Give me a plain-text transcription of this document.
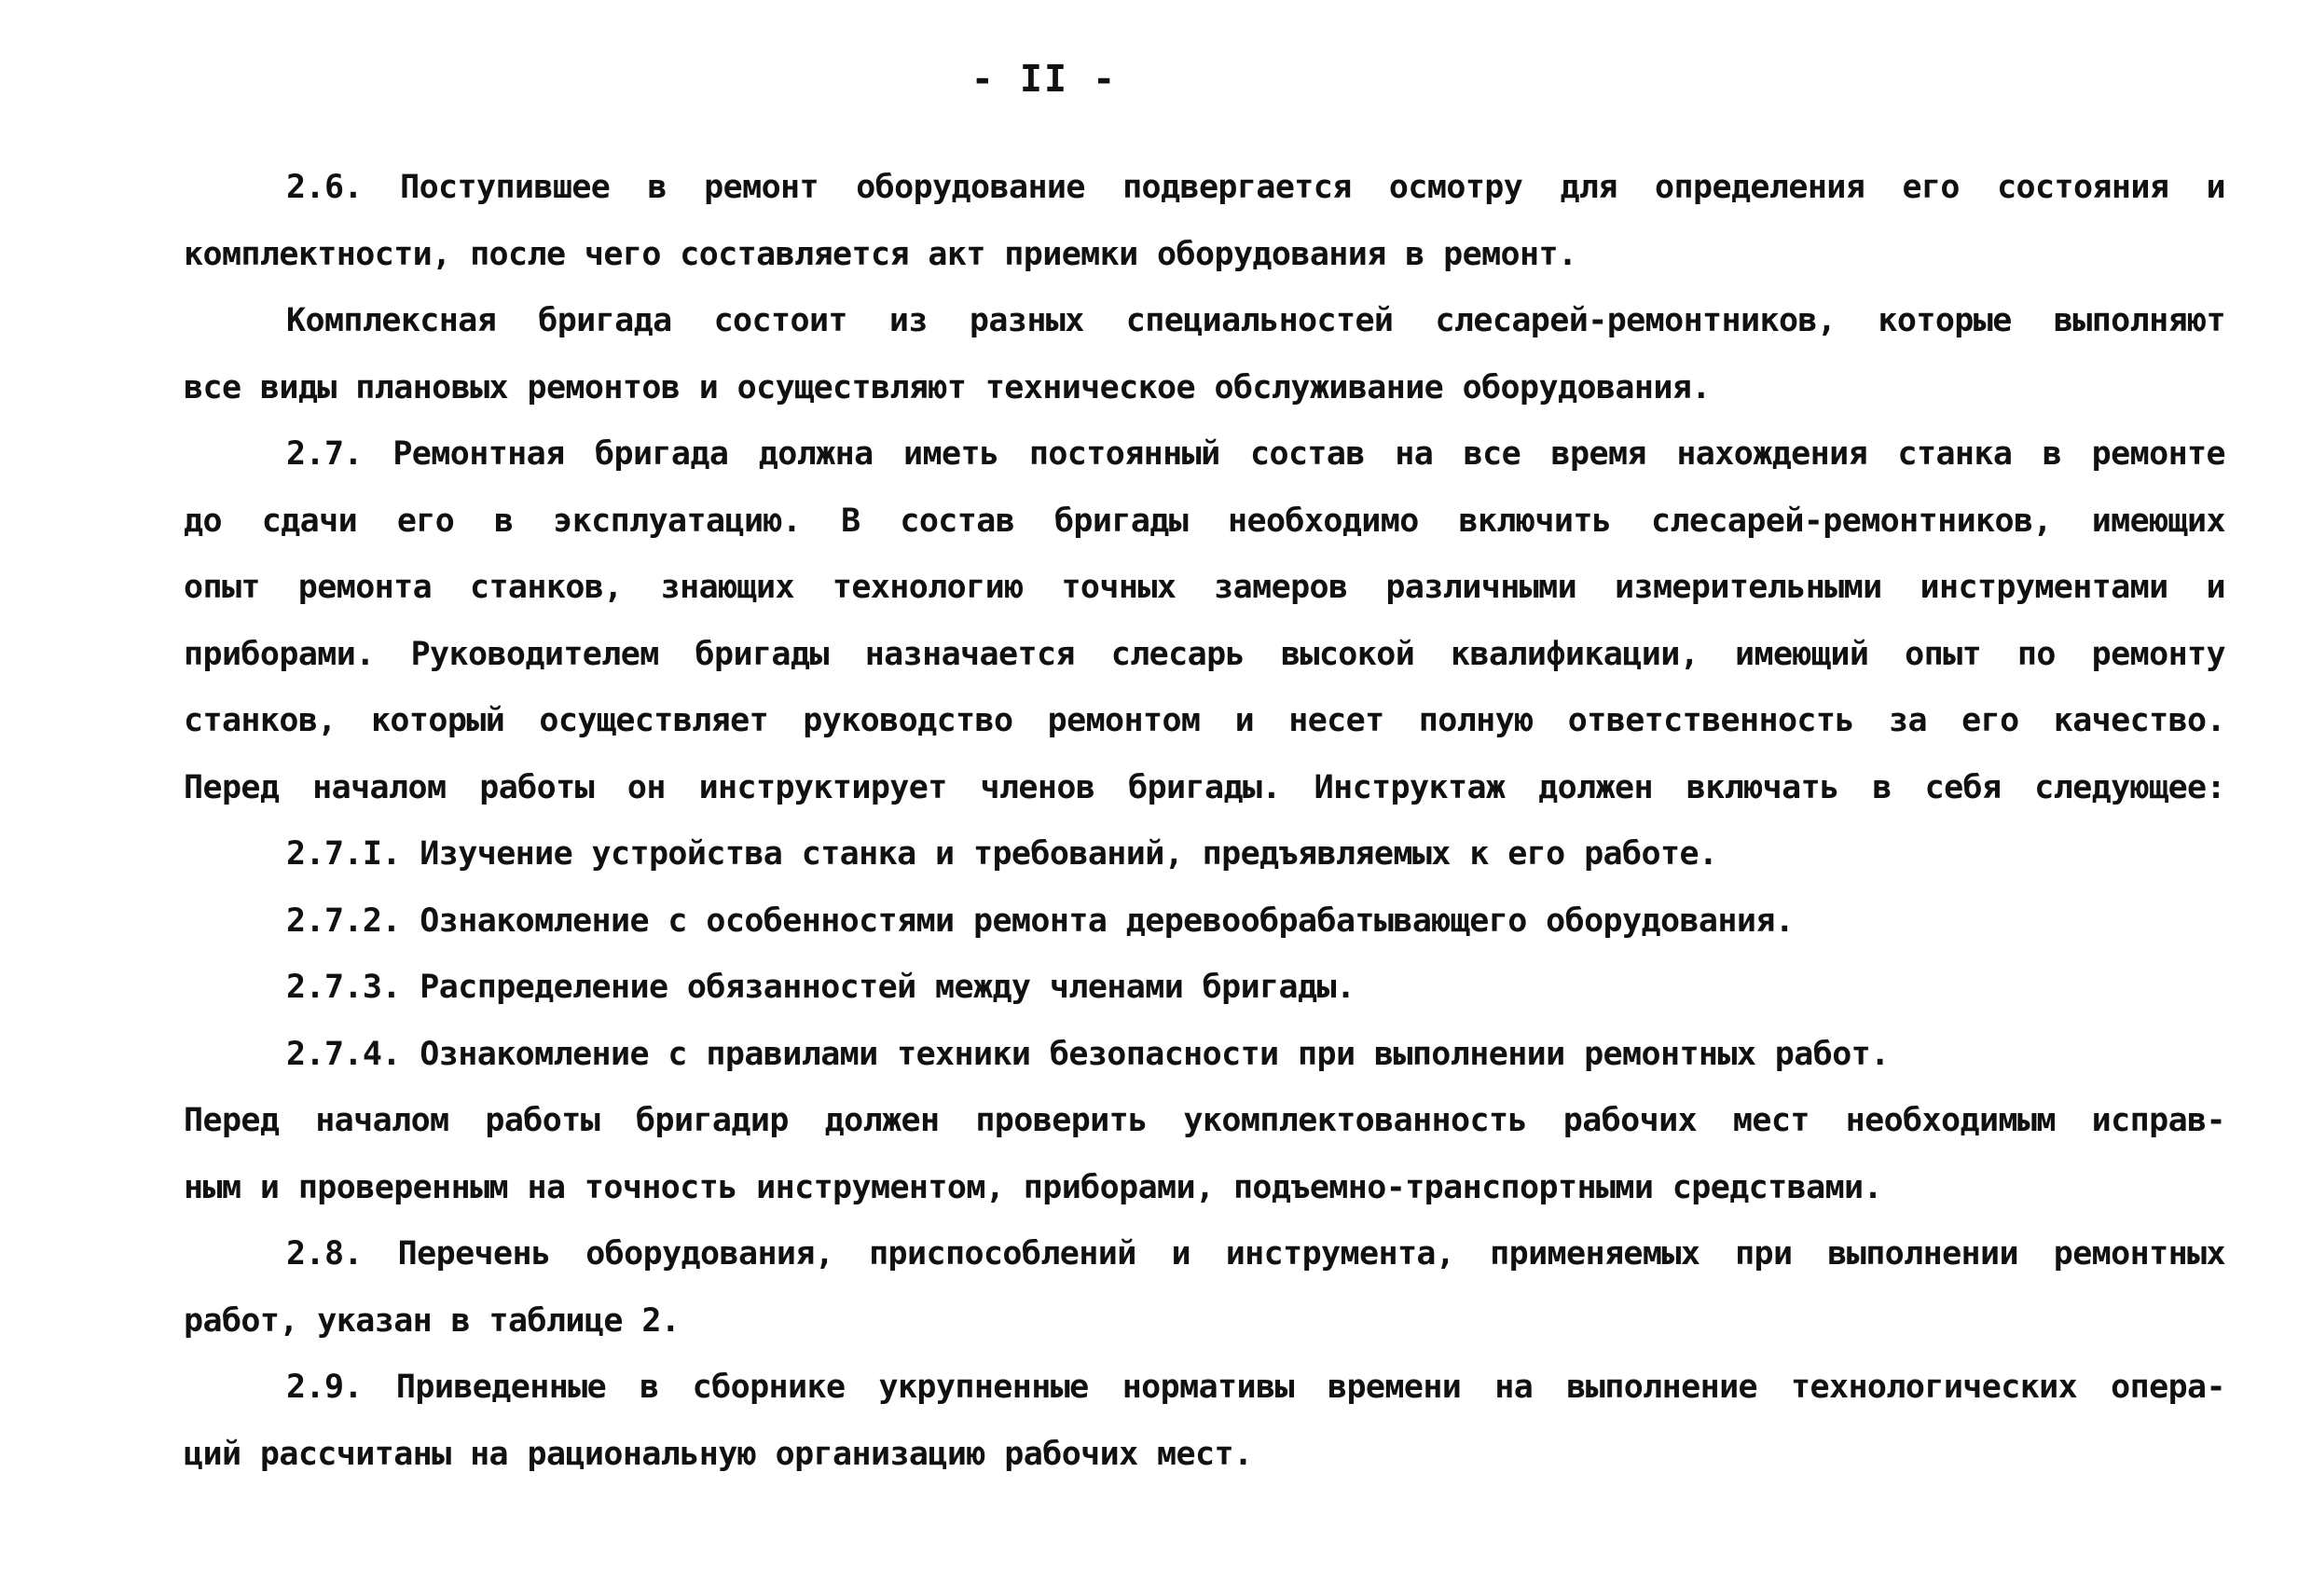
- II -
2.6. Поступившее в ремонт оборудование подвергается осмотру для определения его состояния и
комплектности, после чего составляется акт приемки оборудования в ремонт.
Комплексная бригада состоит из разных специальностей слесарей-ремонтников, которые выполняют
все виды плановых ремонтов и осуществляют техническое обслуживание оборудования.
2.7. Ремонтная бригада должна иметь постоянный состав на все время нахождения станка в ремонте
до сдачи его в эксплуатацию. В состав бригады необходимо включить слесарей-ремонтников, имеющих
опыт ремонта станков, знающих технологию точных замеров различными измерительными инструментами и
приборами. Руководителем бригады назначается слесарь высокой квалификации, имеющий опыт по ремонту
станков, который осуществляет руководство ремонтом и несет полную ответственность за его качество.
Перед началом работы он инструктирует членов бригады. Инструктаж должен включать в себя следующее:
2.7.I. Изучение устройства станка и требований, предъявляемых к его работе.
2.7.2. Ознакомление с особенностями ремонта деревообрабатывающего оборудования.
2.7.3. Распределение обязанностей между членами бригады.
2.7.4. Ознакомление с правилами техники безопасности при выполнении ремонтных работ.
Перед началом работы бригадир должен проверить укомплектованность рабочих мест необходимым исправ-
ным и проверенным на точность инструментом, приборами, подъемно-транспортными средствами.
2.8. Перечень оборудования, приспособлений и инструмента, применяемых при выполнении ремонтных
работ, указан в таблице 2.
2.9. Приведенные в сборнике укрупненные нормативы времени на выполнение технологических опера-
ций рассчитаны на рациональную организацию рабочих мест.
